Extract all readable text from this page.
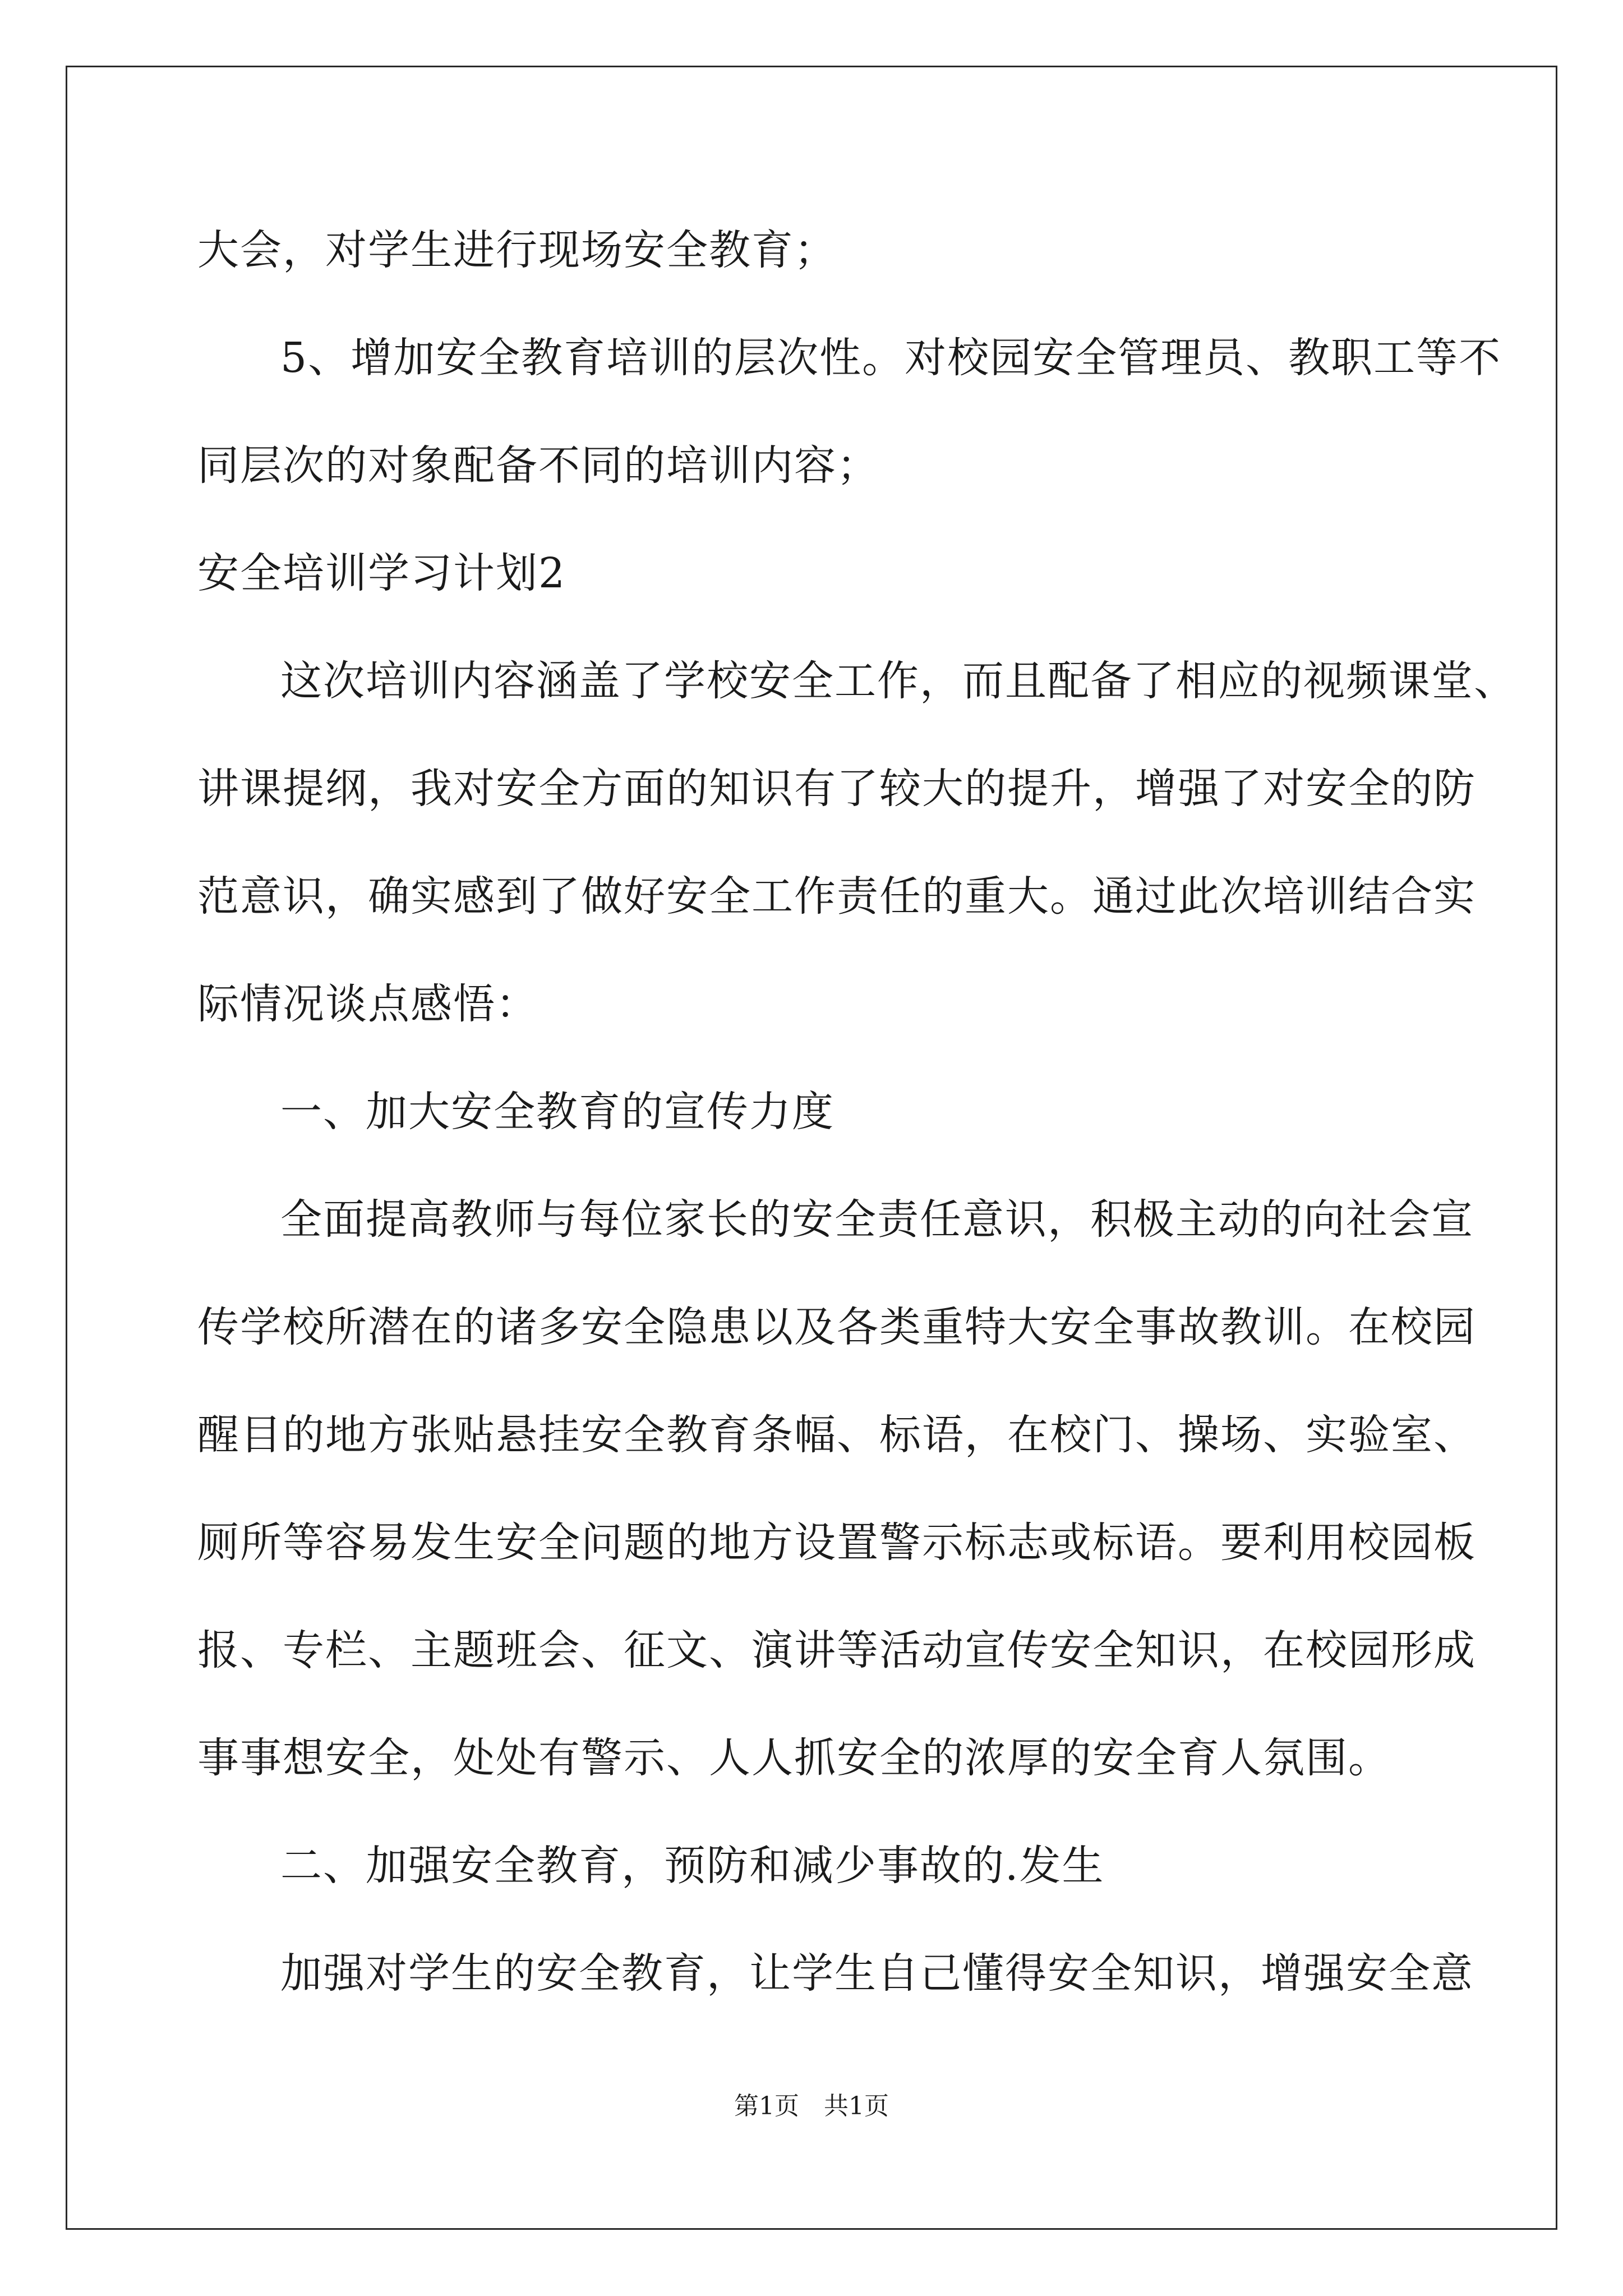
大会，对学生进行现场安全教育；
5、增加安全教育培训的层次性。对校园安全管理员、教职工等不
同层次的对象配备不同的培训内容；
安全培训学习计划2
这次培训内容涵盖了学校安全工作，而且配备了相应的视频课堂、
讲课提纲，我对安全方面的知识有了较大的提升，增强了对安全的防
范意识，确实感到了做好安全工作责任的重大。通过此次培训结合实
际情况谈点感悟：
一、加大安全教育的宣传力度
全面提高教师与每位家长的安全责任意识，积极主动的向社会宣
传学校所潜在的诸多安全隐患以及各类重特大安全事故教训。在校园
醒目的地方张贴悬挂安全教育条幅、标语，在校门、操场、实验室、
厕所等容易发生安全问题的地方设置警示标志或标语。要利用校园板
报、专栏、主题班会、征文、演讲等活动宣传安全知识，在校园形成
事事想安全，处处有警示、人人抓安全的浓厚的安全育人氛围。
二、加强安全教育，预防和减少事故的.发生
加强对学生的安全教育，让学生自己懂得安全知识，增强安全意
第1页　共1页
